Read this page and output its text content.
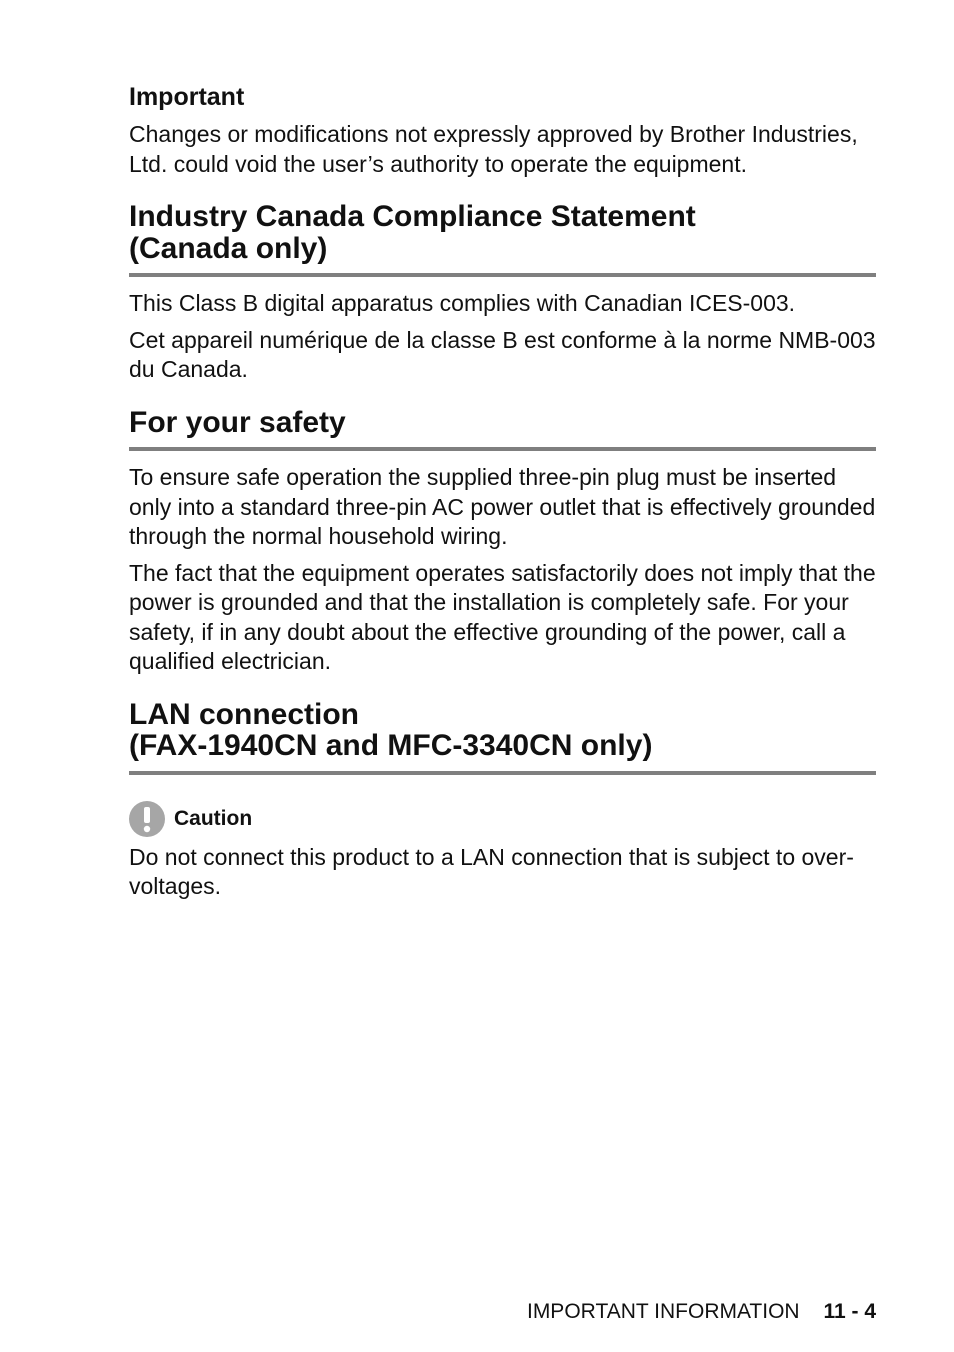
Important

Changes or modifications not expressly approved by Brother Industries, Ltd. could void the user’s authority to operate the equipment.

Industry Canada Compliance Statement
(Canada only)

This Class B digital apparatus complies with Canadian ICES-003.

Cet appareil numérique de la classe B est conforme à la norme NMB-003 du Canada.

For your safety

To ensure safe operation the supplied three-pin plug must be inserted only into a standard three-pin AC power outlet that is effectively grounded through the normal household wiring.

The fact that the equipment operates satisfactorily does not imply that the power is grounded and that the installation is completely safe. For your safety, if in any doubt about the effective grounding of the power, call a qualified electrician.

LAN connection
(FAX-1940CN and MFC-3340CN only)
Caution

Do not connect this product to a LAN connection that is subject to over-voltages.

IMPORTANT INFORMATION 11 - 4
